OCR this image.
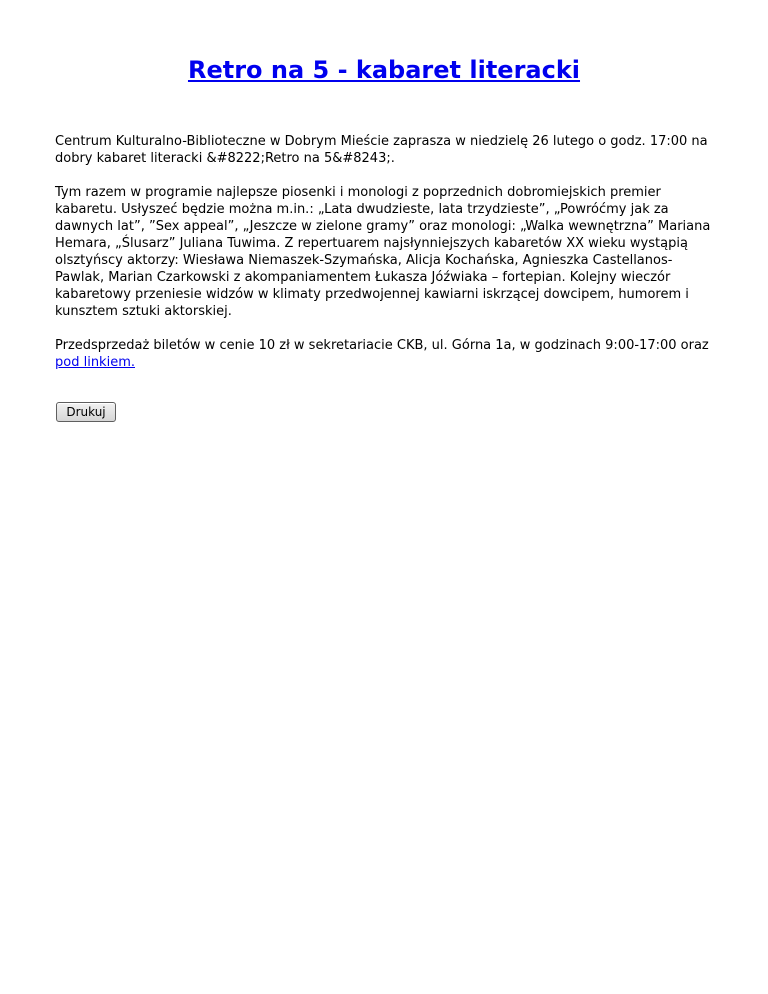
Retro na 5 - kabaret literacki

Centrum Kulturalno-Biblioteczne w Dobrym Mieście zaprasza w niedzielę 26 lutego o godz. 17:00 na dobry kabaret literacki &#8222;Retro na 5&#8243;.

Tym razem w programie najlepsze piosenki i monologi z poprzednich dobromiejskich premier kabaretu. Usłyszeć będzie można m.in.: „Lata dwudzieste, lata trzydzieste”, „Powróćmy jak za dawnych lat”, ”Sex appeal”, „Jeszcze w zielone gramy” oraz monologi: „Walka wewnętrzna” Mariana Hemara, „Ślusarz” Juliana Tuwima. Z repertuarem najsłynniejszych kabaretów XX wieku wystąpią olsztyńscy aktorzy: Wiesława Niemaszek-Szymańska, Alicja Kochańska, Agnieszka Castellanos-Pawlak, Marian Czarkowski z akompaniamentem Łukasza Jóźwiaka – fortepian. Kolejny wieczór kabaretowy przeniesie widzów w klimaty przedwojennej kawiarni iskrzącej dowcipem, humorem i kunsztem sztuki aktorskiej.

Przedsprzedaż biletów w cenie 10 zł w sekretariacie CKB, ul. Górna 1a, w godzinach 9:00-17:00 oraz pod linkiem.

Drukuj
